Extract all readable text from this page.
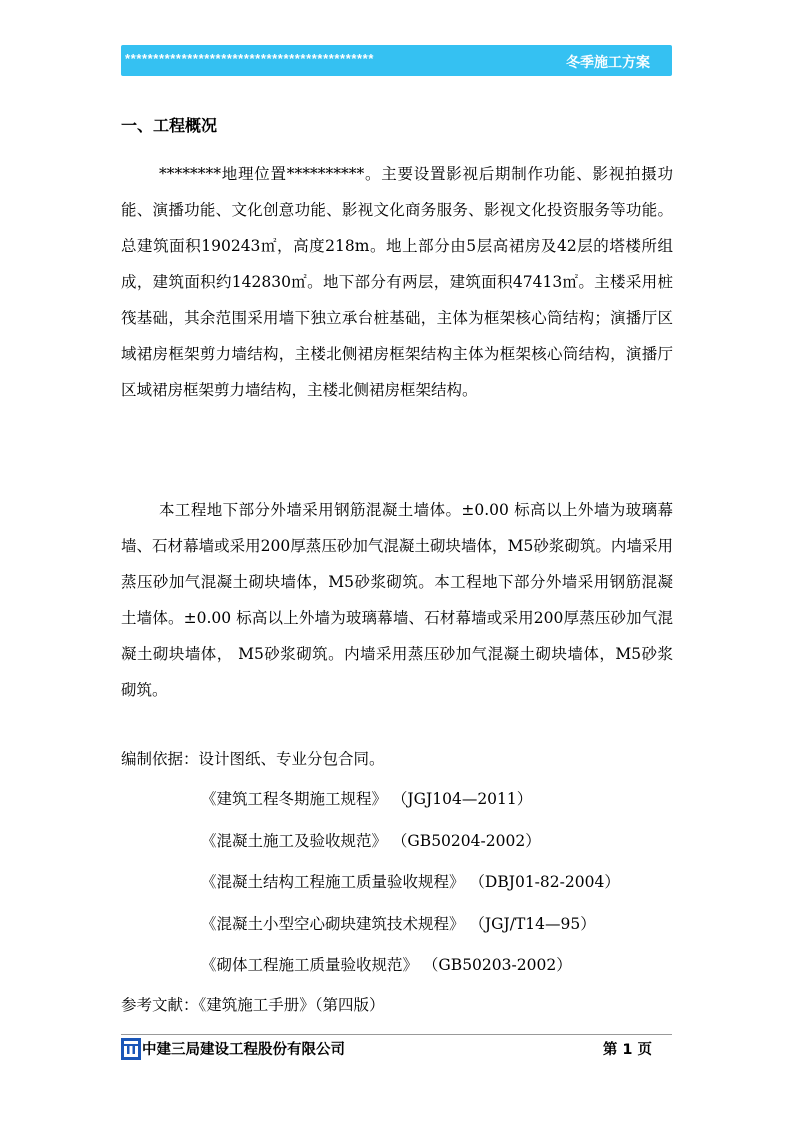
********************************************	冬季施工方案
一、工程概况

********地理位置**********。主要设置影视后期制作功能、影视拍摄功能、演播功能、文化创意功能、影视文化商务服务、影视文化投资服务等功能。总建筑面积190243㎡，高度218m。地上部分由5层高裙房及42层的塔楼所组成，建筑面积约142830㎡。地下部分有两层，建筑面积47413㎡。主楼采用桩筏基础，其余范围采用墙下独立承台桩基础，主体为框架核心筒结构；演播厅区域裙房框架剪力墙结构，主楼北侧裙房框架结构主体为框架核心筒结构，演播厅区域裙房框架剪力墙结构，主楼北侧裙房框架结构。

本工程地下部分外墙采用钢筋混凝土墙体。±0.00 标高以上外墙为玻璃幕墙、石材幕墙或采用200厚蒸压砂加气混凝土砌块墙体，M5砂浆砌筑。内墙采用蒸压砂加气混凝土砌块墙体，M5砂浆砌筑。本工程地下部分外墙采用钢筋混凝土墙体。±0.00 标高以上外墙为玻璃幕墙、石材幕墙或采用200厚蒸压砂加气混凝土砌块墙体， M5砂浆砌筑。内墙采用蒸压砂加气混凝土砌块墙体，M5砂浆砌筑。

编制依据：设计图纸、专业分包合同。
《建筑工程冬期施工规程》 （JGJ104—2011）
《混凝土施工及验收规范》 （GB50204-2002）
《混凝土结构工程施工质量验收规程》 （DBJ01-82-2004）
《混凝土小型空心砌块建筑技术规程》 （JGJ/T14—95）
《砌体工程施工质量验收规范》 （GB50203-2002）
参考文献：《建筑施工手册》（第四版）
中建三局建设工程股份有限公司	第 1 页
